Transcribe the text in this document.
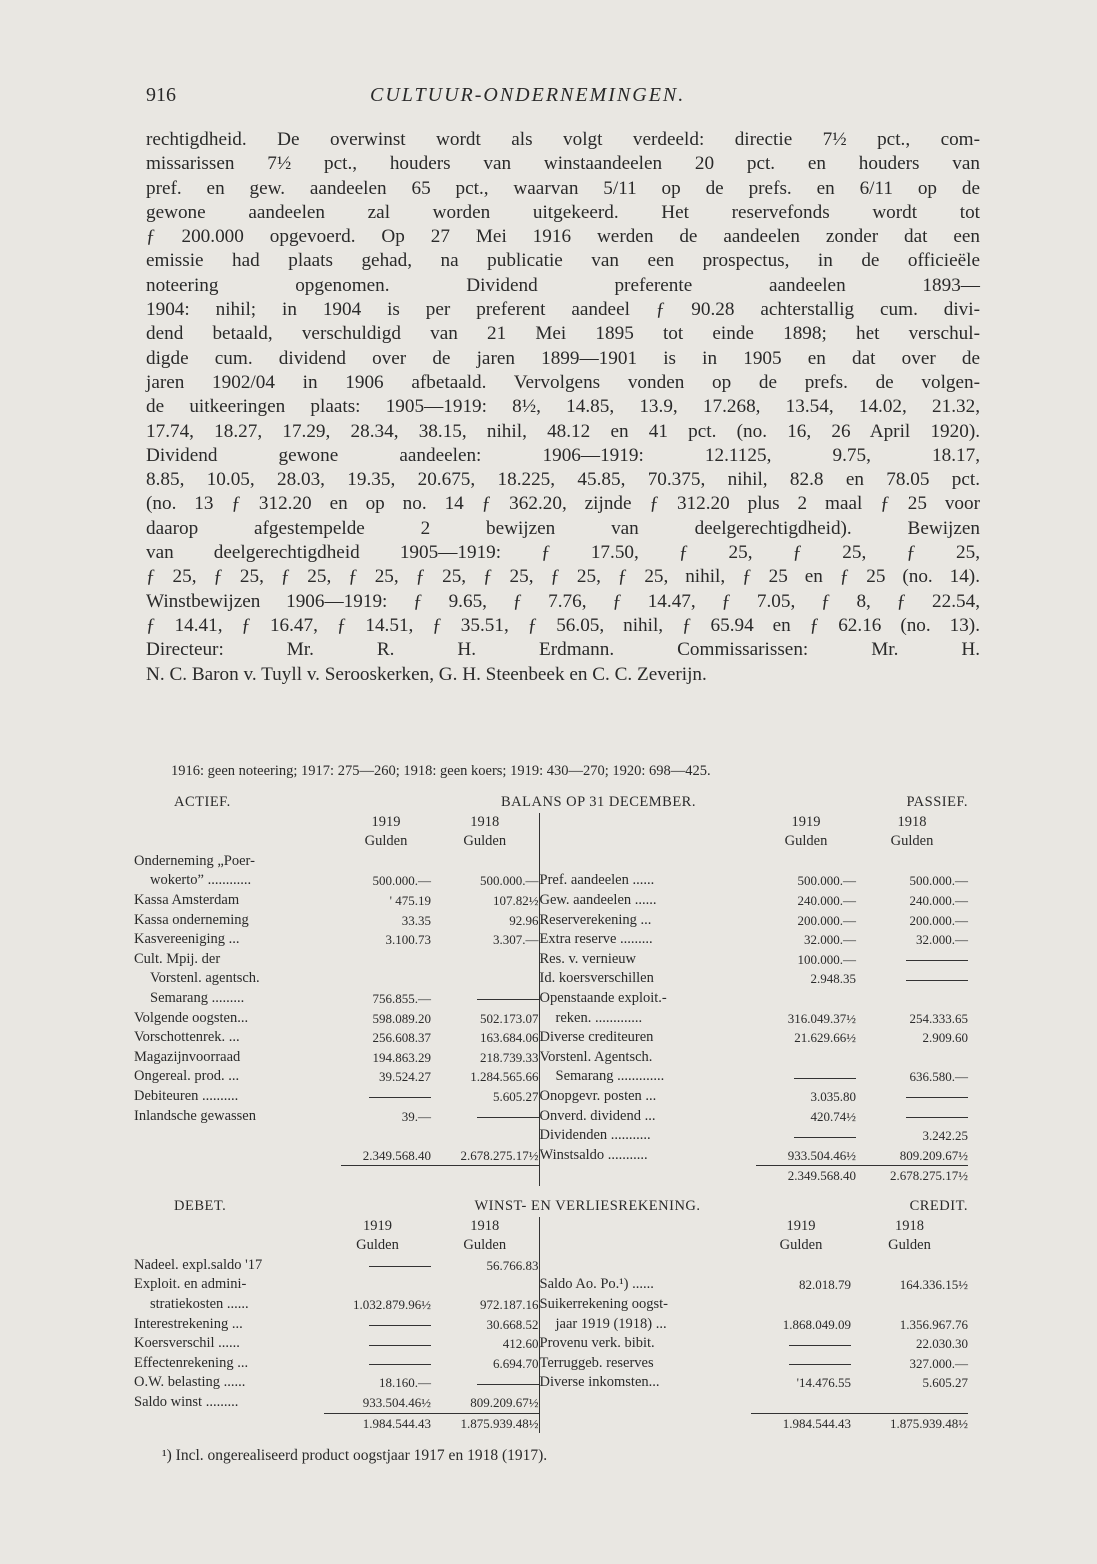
916	CULTUUR-ONDERNEMINGEN.
rechtigdheid. De overwinst wordt als volgt verdeeld: directie 7½ pct., com-
missarissen 7½ pct., houders van winstaandeelen 20 pct. en houders van
pref. en gew. aandeelen 65 pct., waarvan 5/11 op de prefs. en 6/11 op de
gewone aandeelen zal worden uitgekeerd. Het reservefonds wordt tot
ƒ 200.000 opgevoerd. Op 27 Mei 1916 werden de aandeelen zonder dat een
emissie had plaats gehad, na publicatie van een prospectus, in de officieële
noteering opgenomen. Dividend preferente aandeelen 1893—
1904: nihil; in 1904 is per preferent aandeel ƒ 90.28 achterstallig cum. divi-
dend betaald, verschuldigd van 21 Mei 1895 tot einde 1898; het verschul-
digde cum. dividend over de jaren 1899—1901 is in 1905 en dat over de
jaren 1902/04 in 1906 afbetaald. Vervolgens vonden op de prefs. de volgen-
de uitkeeringen plaats: 1905—1919: 8½, 14.85, 13.9, 17.268, 13.54, 14.02, 21.32,
17.74, 18.27, 17.29, 28.34, 38.15, nihil, 48.12 en 41 pct. (no. 16, 26 April 1920).
Dividend gewone aandeelen: 1906—1919: 12.1125, 9.75, 18.17,
8.85, 10.05, 28.03, 19.35, 20.675, 18.225, 45.85, 70.375, nihil, 82.8 en 78.05 pct.
(no. 13 ƒ 312.20 en op no. 14 ƒ 362.20, zijnde ƒ 312.20 plus 2 maal ƒ 25 voor
daarop afgestempelde 2 bewijzen van deelgerechtigdheid). Bewijzen
van deelgerechtigdheid 1905—1919: ƒ 17.50, ƒ 25, ƒ 25, ƒ 25,
ƒ 25, ƒ 25, ƒ 25, ƒ 25, ƒ 25, ƒ 25, ƒ 25, ƒ 25, nihil, ƒ 25 en ƒ 25 (no. 14).
Winstbewijzen 1906—1919: ƒ 9.65, ƒ 7.76, ƒ 14.47, ƒ 7.05, ƒ 8, ƒ 22.54,
ƒ 14.41, ƒ 16.47, ƒ 14.51, ƒ 35.51, ƒ 56.05, nihil, ƒ 65.94 en ƒ 62.16 (no. 13).
Directeur: Mr. R. H. Erdmann. Commissarissen: Mr. H.
N. C. Baron v. Tuyll v. Serooskerken, G. H. Steenbeek en C. C. Zeverijn.
1916: geen noteering; 1917: 275—260; 1918: geen koers; 1919: 430—270; 1920: 698—425.
ACTIEF.	BALANS OP 31 DECEMBER.				PASSIEF.
	1919	1918		1919	1918
	Gulden	Gulden		Gulden	Gulden
Onderneming „Poer-					
wokerto” ............	500.000.—	500.000.—	Pref. aandeelen ......	500.000.—	500.000.—
Kassa Amsterdam	' 475.19	107.82½	Gew. aandeelen ......	240.000.—	240.000.—
Kassa onderneming	33.35	92.96	Reserverekening ...	200.000.—	200.000.—
Kasvereeniging ...	3.100.73	3.307.—	Extra reserve .........	32.000.—	32.000.—
Cult. Mpij. der			Res. v. vernieuw	100.000.—	
Vorstenl. agentsch.			Id. koersverschillen	2.948.35	
Semarang .........	756.855.—		Openstaande exploit.-		
Volgende oogsten...	598.089.20	502.173.07	reken. .............	316.049.37½	254.333.65
Vorschottenrek. ...	256.608.37	163.684.06	Diverse crediteuren	21.629.66½	2.909.60
Magazijnvoorraad	194.863.29	218.739.33	Vorstenl. Agentsch.		
Ongereal. prod. ...	39.524.27	1.284.565.66	Semarang .............		636.580.—
Debiteuren ..........		5.605.27	Onopgevr. posten ...	3.035.80	
Inlandsche gewassen	39.—		Onverd. dividend ...	420.74½	
			Dividenden ...........		3.242.25
	2.349.568.40	2.678.275.17½	Winstsaldo ...........	933.504.46½	809.209.67½
				2.349.568.40	2.678.275.17½
DEBET.	WINST- EN VERLIESREKENING.				CREDIT.
	1919	1918		1919	1918
	Gulden	Gulden		Gulden	Gulden
Nadeel. expl.saldo '17		56.766.83			
Exploit. en admini-			Saldo Ao. Po.¹) ......	82.018.79	164.336.15½
stratiekosten ......	1.032.879.96½	972.187.16	Suikerrekening oogst-		
Interestrekening ...		30.668.52	jaar 1919 (1918) ...	1.868.049.09	1.356.967.76
Koersverschil ......		412.60	Provenu verk. bibit.		22.030.30
Effectenrekening ...		6.694.70	Terruggeb. reserves		327.000.—
O.W. belasting ......	18.160.—		Diverse inkomsten...	'14.476.55	5.605.27
Saldo winst .........	933.504.46½	809.209.67½			

	1.984.544.43	1.875.939.48½		1.984.544.43	1.875.939.48½
¹) Incl. ongerealiseerd product oogstjaar 1917 en 1918 (1917).
